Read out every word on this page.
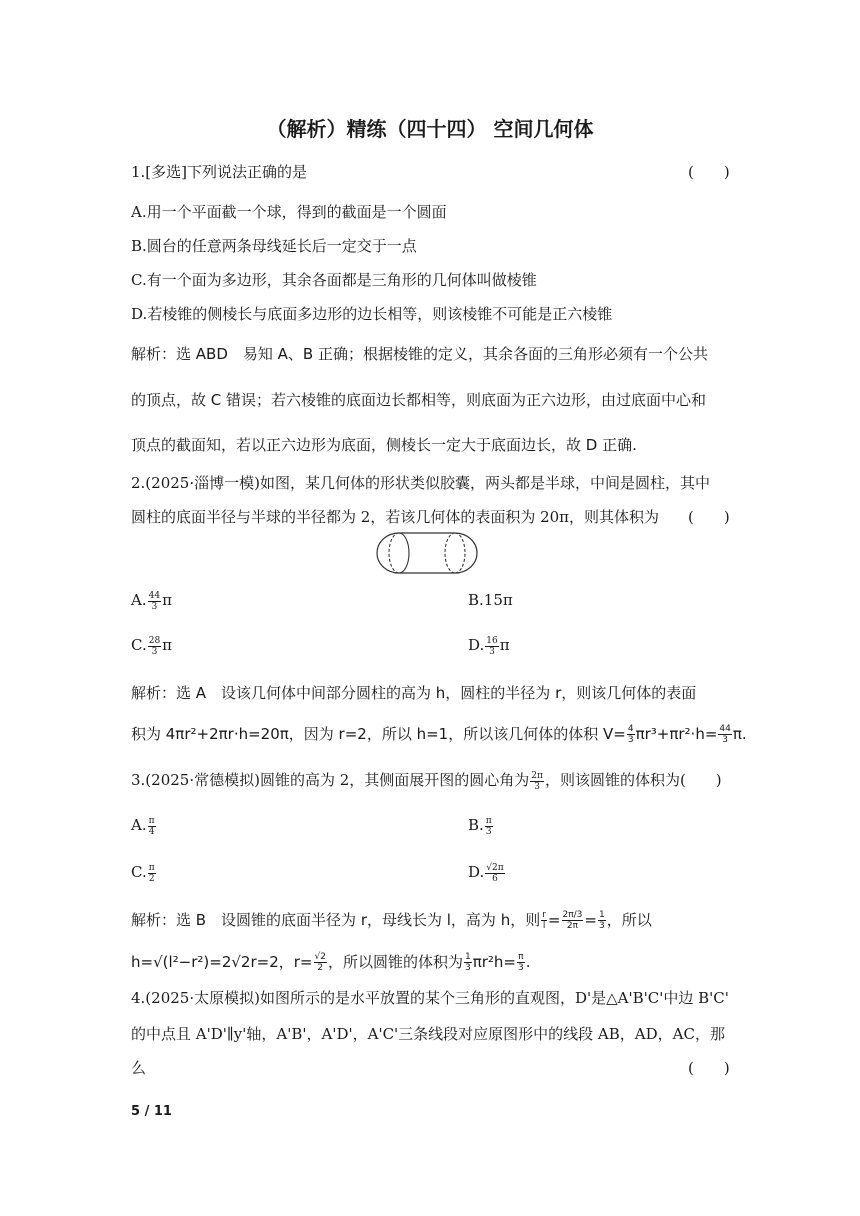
（解析）精练（四十四） 空间几何体
1.[多选]下列说法正确的是	(　　)
A.用一个平面截一个球，得到的截面是一个圆面
B.圆台的任意两条母线延长后一定交于一点
C.有一个面为多边形，其余各面都是三角形的几何体叫做棱锥
D.若棱锥的侧棱长与底面多边形的边长相等，则该棱锥不可能是正六棱锥
解析：选 ABD　易知 A、B 正确；根据棱锥的定义，其余各面的三角形必须有一个公共
的顶点，故 C 错误；若六棱锥的底面边长都相等，则底面为正六边形，由过底面中心和
顶点的截面知，若以正六边形为底面，侧棱长一定大于底面边长，故 D 正确.
2.(2025·淄博一模)如图，某几何体的形状类似胶囊，两头都是半球，中间是圆柱，其中
圆柱的底面半径与半球的半径都为 2，若该几何体的表面积为 20π，则其体积为 (　　)
A. $\frac{44}{3}$ π	B.15π
C. $\frac{28}{3}$ π	D. $\frac{16}{3}$ π
解析：选 A　设该几何体中间部分圆柱的高为 h，圆柱的半径为 r，则该几何体的表面
积为 4πr²+2πr·h=20π，因为 r=2，所以 h=1，所以该几何体的体积 $V= \frac{4}{3} \pi r^3+\pi r^2\cdot h= \frac{44}{3} \pi$.
3.(2025·常德模拟)圆锥的高为 2，其侧面展开图的圆心角为 $\frac{2\pi}{3}$ ，则该圆锥的体积为(　　)
A. $\frac{\pi}{4}$	B. $\frac{\pi}{3}$
C. $\frac{\pi}{2}$	D. $\frac{√2\pi}{6}$
解析：选 B　设圆锥的底面半径为 r，母线长为 l，高为 h，则 $\frac{r}{l} = \frac{2\pi/3}{2\pi} = \frac{1}{3}$ ，所以
h=√(l²−r²)=2√2r=2，$r= \frac{√2}{2}$ ，所以圆锥的体积为 $\frac{1}{3} \pi r^2h= \frac{\pi}{3}$ .
4.(2025·太原模拟)如图所示的是水平放置的某个三角形的直观图，D'是△A'B'C'中边 B'C'
的中点且 A'D'∥y'轴，A'B'，A'D'，A'C'三条线段对应原图形中的线段 AB，AD，AC，那
么	(　　)
5 / 11
